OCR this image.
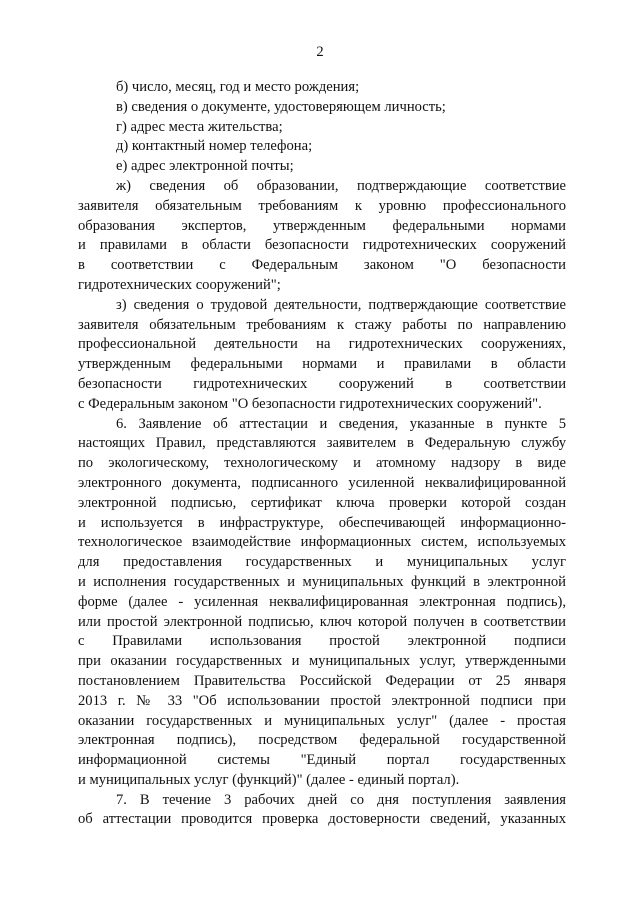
2

б) число, месяц, год и место рождения;

в) сведения о документе, удостоверяющем личность;

г) адрес места жительства;

д) контактный номер телефона;

е) адрес электронной почты;

ж) сведения об образовании, подтверждающие соответствие
заявителя обязательным требованиям к уровню профессионального
образования экспертов, утвержденным федеральными нормами
и правилами в области безопасности гидротехнических сооружений
в соответствии с Федеральным законом "О безопасности
гидротехнических сооружений";

з) сведения о трудовой деятельности, подтверждающие соответствие
заявителя обязательным требованиям к стажу работы по направлению
профессиональной деятельности на гидротехнических сооружениях,
утвержденным федеральными нормами и правилами в области
безопасности гидротехнических сооружений в соответствии
с Федеральным законом "О безопасности гидротехнических сооружений".

6. Заявление об аттестации и сведения, указанные в пункте 5
настоящих Правил, представляются заявителем в Федеральную службу
по экологическому, технологическому и атомному надзору в виде
электронного документа, подписанного усиленной неквалифицированной
электронной подписью, сертификат ключа проверки которой создан
и используется в инфраструктуре, обеспечивающей информационно-
технологическое взаимодействие информационных систем, используемых
для предоставления государственных и муниципальных услуг
и исполнения государственных и муниципальных функций в электронной
форме (далее - усиленная неквалифицированная электронная подпись),
или простой электронной подписью, ключ которой получен в соответствии
с Правилами использования простой электронной подписи
при оказании государственных и муниципальных услуг, утвержденными
постановлением Правительства Российской Федерации от 25 января
2013 г. № 33 "Об использовании простой электронной подписи при
оказании государственных и муниципальных услуг" (далее - простая
электронная подпись), посредством федеральной государственной
информационной системы "Единый портал государственных
и муниципальных услуг (функций)" (далее - единый портал).

7. В течение 3 рабочих дней со дня поступления заявления
об аттестации проводится проверка достоверности сведений, указанных
